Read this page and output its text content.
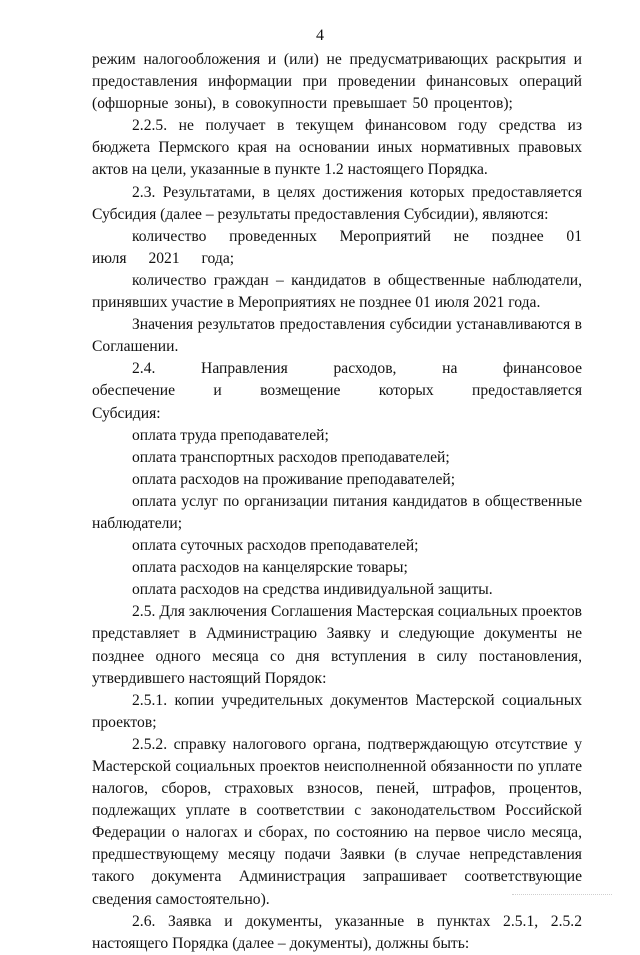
4

режим налогообложения и (или) не предусматривающих раскрытия и предоставления информации при проведении финансовых операций (офшорные зоны), в совокупности превышает 50 процентов);

2.2.5. не получает в текущем финансовом году средства из бюджета Пермского края на основании иных нормативных правовых актов на цели, указанные в пункте 1.2 настоящего Порядка.

2.3. Результатами, в целях достижения которых предоставляется Субсидия (далее – результаты предоставления Субсидии), являются:

количество проведенных Мероприятий не позднее 01 июля 2021 года;

количество граждан – кандидатов в общественные наблюдатели, принявших участие в Мероприятиях не позднее 01 июля 2021 года.

Значения результатов предоставления субсидии устанавливаются в Соглашении.

2.4. Направления расходов, на финансовое обеспечение и возмещение которых предоставляется Субсидия:

оплата труда преподавателей;

оплата транспортных расходов преподавателей;

оплата расходов на проживание преподавателей;

оплата услуг по организации питания кандидатов в общественные наблюдатели;

оплата суточных расходов преподавателей;

оплата расходов на канцелярские товары;

оплата расходов на средства индивидуальной защиты.

2.5. Для заключения Соглашения Мастерская социальных проектов представляет в Администрацию Заявку и следующие документы не позднее одного месяца со дня вступления в силу постановления, утвердившего настоящий Порядок:

2.5.1. копии учредительных документов Мастерской социальных проектов;

2.5.2. справку налогового органа, подтверждающую отсутствие у Мастерской социальных проектов неисполненной обязанности по уплате налогов, сборов, страховых взносов, пеней, штрафов, процентов, подлежащих уплате в соответствии с законодательством Российской Федерации о налогах и сборах, по состоянию на первое число месяца, предшествующему месяцу подачи Заявки (в случае непредставления такого документа Администрация запрашивает соответствующие сведения самостоятельно).

2.6. Заявка и документы, указанные в пунктах 2.5.1, 2.5.2 настоящего Порядка (далее – документы), должны быть:
